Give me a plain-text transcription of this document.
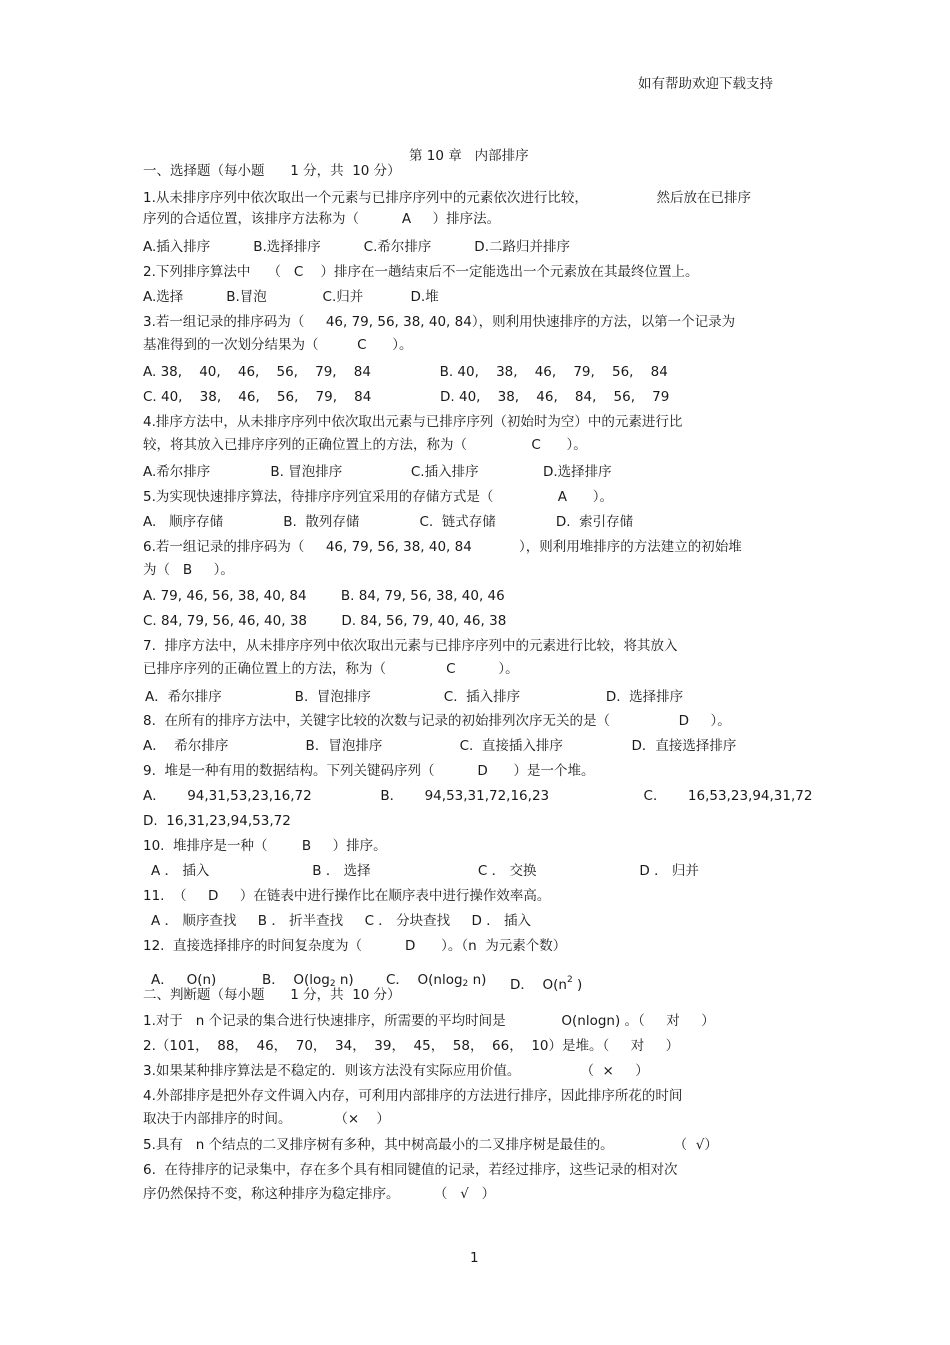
如有帮助欢迎下载支持
第 10 章   内部排序
一、选择题（每小题      1 分，共  10 分）
1.从未排序序列中依次取出一个元素与已排序序列中的元素依次进行比较，                然后放在已排序
序列的合适位置，该排序方法称为（          A     ）排序法。
A.插入排序          B.选择排序          C.希尔排序          D.二路归并排序
2.下列排序算法中    （   C    ）排序在一趟结束后不一定能选出一个元素放在其最终位置上。
A.选择          B.冒泡             C.归并           D.堆
3.若一组记录的排序码为（     46, 79, 56, 38, 40, 84），则利用快速排序的方法，以第一个记录为
基准得到的一次划分结果为（         C      ）。
A. 38,    40,    46,    56,    79,    84                B. 40,    38,    46,    79,    56,    84
C. 40,    38,    46,    56,    79,    84                D. 40,    38,    46,    84,    56,    79
4.排序方法中，从未排序序列中依次取出元素与已排序序列（初始时为空）中的元素进行比
较，将其放入已排序序列的正确位置上的方法，称为（               C      ）。
A.希尔排序              B. 冒泡排序                C.插入排序               D.选择排序
5.为实现快速排序算法，待排序序列宜采用的存储方式是（               A      ）。
A.   顺序存储              B.  散列存储              C.  链式存储              D.  索引存储
6.若一组记录的排序码为（     46, 79, 56, 38, 40, 84           ），则利用堆排序的方法建立的初始堆
为（   B     ）。
A. 79, 46, 56, 38, 40, 84        B. 84, 79, 56, 38, 40, 46
C. 84, 79, 56, 46, 40, 38        D. 84, 56, 79, 40, 46, 38
7.  排序方法中，从未排序序列中依次取出元素与已排序序列中的元素进行比较，将其放入
已排序序列的正确位置上的方法，称为（              C          ）。
A．希尔排序                 B.  冒泡排序                 C.  插入排序                    D.  选择排序
8.  在所有的排序方法中，关键字比较的次数与记录的初始排列次序无关的是（                D     ）。
A．  希尔排序                  B．冒泡排序                  C.  直接插入排序                D．直接选择排序
9.  堆是一种有用的数据结构。下列关键码序列（          D      ）是一个堆。
A．     94,31,53,23,16,72                B．     94,53,31,72,16,23                      C．     16,53,23,94,31,72
D.  16,31,23,94,53,72
10.  堆排序是一种（        B     ）排序。
A ． 插入                        B ． 选择                         C ． 交换                        D ． 归并
11.  （     D     ）在链表中进行操作比在顺序表中进行操作效率高。
A ． 顺序查找     B ． 折半查找     C ． 分块查找     D ． 插入
12.  直接选择排序的时间复杂度为（          D      ）。（n  为元素个数）
二、判断题（每小题      1 分，共  10 分）
1.对于   n 个记录的集合进行快速排序，所需要的平均时间是             O(nlogn) 。（     对     ）
2.（101，  88，  46，  70，  34，  39，  45，  58，  66，  10）是堆。（     对     ）
3.如果某种排序算法是不稳定的．则该方法没有实际应用价值。              （  ×     ）
4.外部排序是把外存文件调入内存，可利用内部排序的方法进行排序，因此排序所花的时间
取决于内部排序的时间。          （×    ）
5.具有   n 个结点的二叉排序树有多种，其中树高最小的二叉排序树是最佳的。              （  √）
6.  在待排序的记录集中，存在多个具有相同键值的记录，若经过排序，这些记录的相对次
序仍然保持不变，称这种排序为稳定排序。        （   √   ）
A．   O(n)	B．  $O(\log_2$ n) C．  O(nlog$_2$ n) D．  $O(n^2$ )
1
